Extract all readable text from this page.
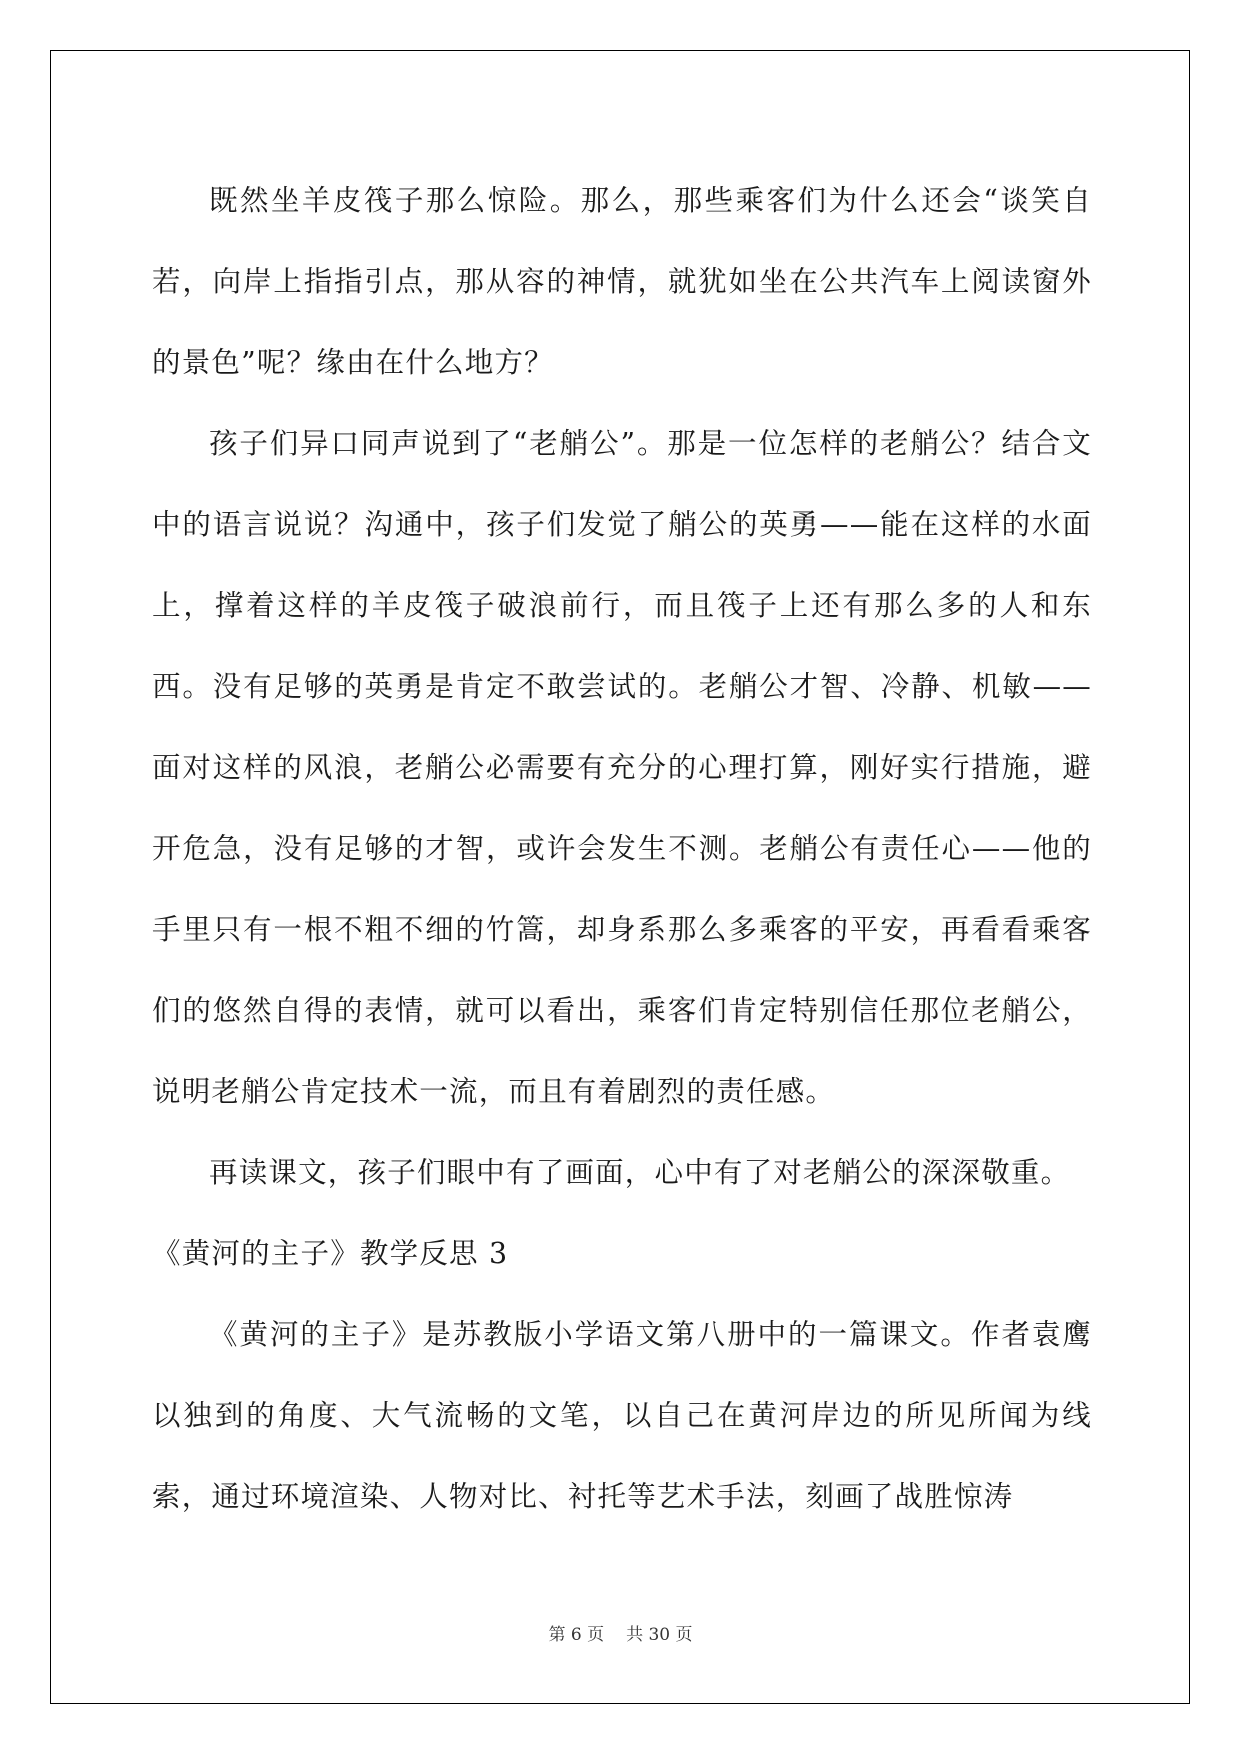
既然坐羊皮筏子那么惊险。那么，那些乘客们为什么还会“谈笑自若，向岸上指指引点，那从容的神情，就犹如坐在公共汽车上阅读窗外的景色”呢？缘由在什么地方？

孩子们异口同声说到了“老艄公”。那是一位怎样的老艄公？结合文中的语言说说？沟通中，孩子们发觉了艄公的英勇——能在这样的水面上，撑着这样的羊皮筏子破浪前行，而且筏子上还有那么多的人和东西。没有足够的英勇是肯定不敢尝试的。老艄公才智、冷静、机敏——面对这样的风浪，老艄公必需要有充分的心理打算，刚好实行措施，避开危急，没有足够的才智，或许会发生不测。老艄公有责任心——他的手里只有一根不粗不细的竹篙，却身系那么多乘客的平安，再看看乘客们的悠然自得的表情，就可以看出，乘客们肯定特别信任那位老艄公，说明老艄公肯定技术一流，而且有着剧烈的责任感。

再读课文，孩子们眼中有了画面，心中有了对老艄公的深深敬重。

《黄河的主子》教学反思 3

《黄河的主子》是苏教版小学语文第八册中的一篇课文。作者袁鹰以独到的角度、大气流畅的文笔，以自己在黄河岸边的所见所闻为线索，通过环境渲染、人物对比、衬托等艺术手法，刻画了战胜惊涛

第 6 页 共 30 页
